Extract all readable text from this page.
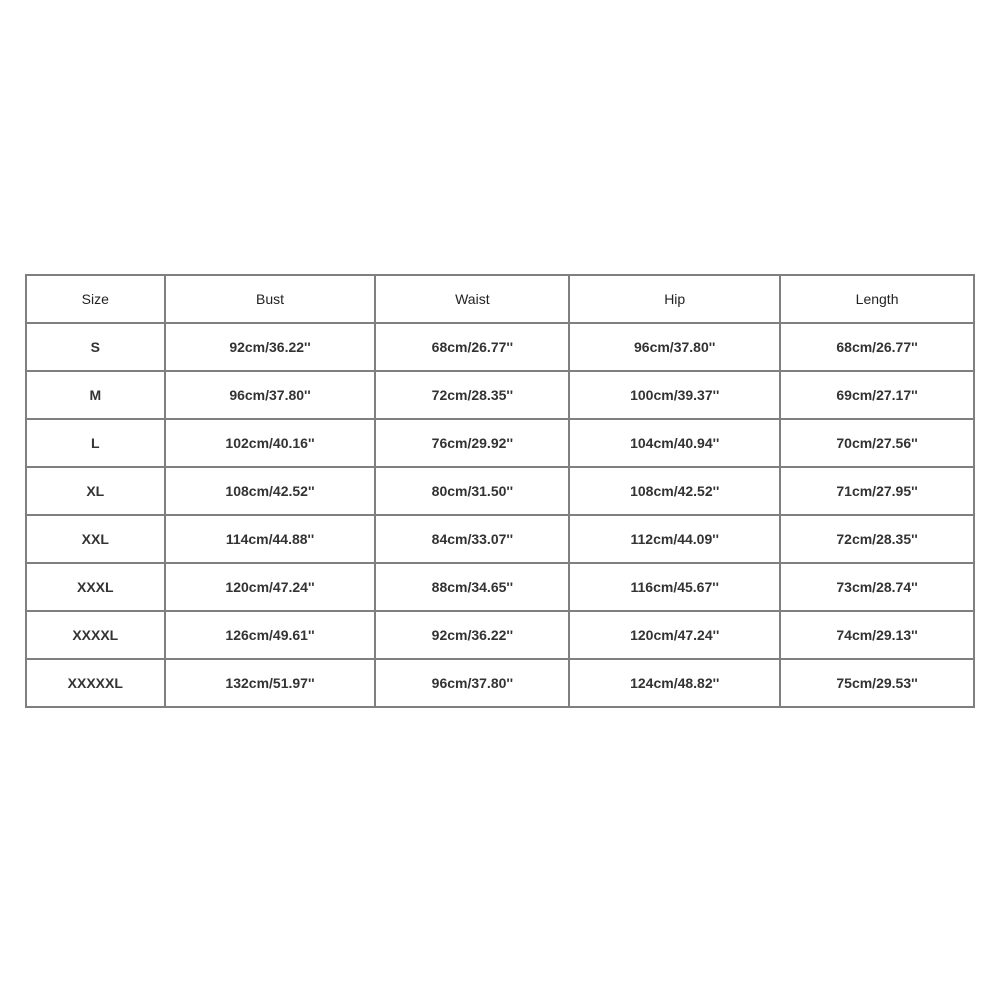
Size	Bust	Waist	Hip	Length
S	92cm/36.22''	68cm/26.77''	96cm/37.80''	68cm/26.77''
M	96cm/37.80''	72cm/28.35''	100cm/39.37''	69cm/27.17''
L	102cm/40.16''	76cm/29.92''	104cm/40.94''	70cm/27.56''
XL	108cm/42.52''	80cm/31.50''	108cm/42.52''	71cm/27.95''
XXL	114cm/44.88''	84cm/33.07''	112cm/44.09''	72cm/28.35''
XXXL	120cm/47.24''	88cm/34.65''	116cm/45.67''	73cm/28.74''
XXXXL	126cm/49.61''	92cm/36.22''	120cm/47.24''	74cm/29.13''
XXXXXL	132cm/51.97''	96cm/37.80''	124cm/48.82''	75cm/29.53''
